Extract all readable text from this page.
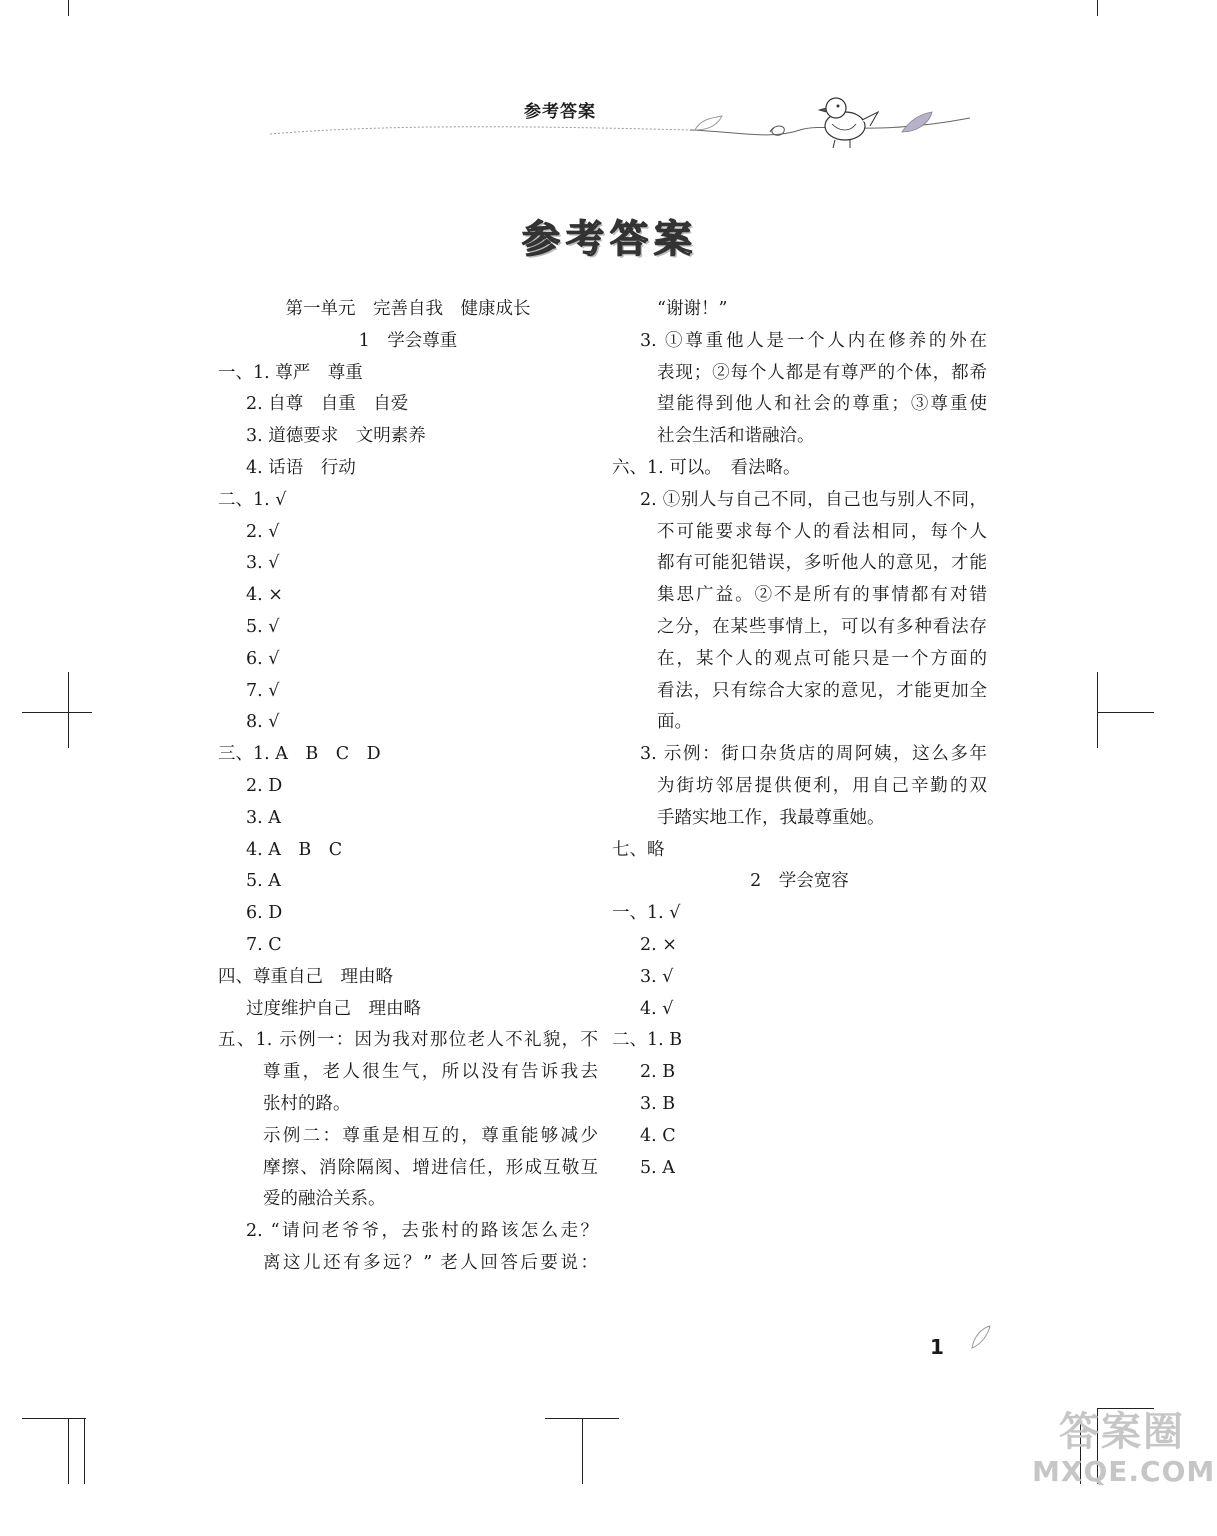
参考答案
参考答案
第一单元　完善自我　健康成长
1　学会尊重
一、1. 尊严　尊重
2. 自尊　自重　自爱
3. 道德要求　文明素养
4. 话语　行动
二、1. √
2. √
3. √
4. ×
5. √
6. √
7. √
8. √
三、1. A　B　C　D
2. D
3. A
4. A　B　C
5. A
6. D
7. C
四、尊重自己　理由略
过度维护自己　理由略
五、1. 示例一：因为我对那位老人不礼貌，不
尊重，老人很生气，所以没有告诉我去
张村的路。
示例二：尊重是相互的，尊重能够减少
摩擦、消除隔阂、增进信任，形成互敬互
爱的融洽关系。
2. “请问老爷爷，去张村的路该怎么走？
离这儿还有多远？” 老人回答后要说：
“谢谢！”
3. ①尊重他人是一个人内在修养的外在
表现；②每个人都是有尊严的个体，都希
望能得到他人和社会的尊重；③尊重使
社会生活和谐融洽。
六、1. 可以。　看法略。
2. ①别人与自己不同，自己也与别人不同，
不可能要求每个人的看法相同，每个人
都有可能犯错误，多听他人的意见，才能
集思广益。②不是所有的事情都有对错
之分，在某些事情上，可以有多种看法存
在，某个人的观点可能只是一个方面的
看法，只有综合大家的意见，才能更加全
面。
3. 示例：街口杂货店的周阿姨，这么多年
为街坊邻居提供便利，用自己辛勤的双
手踏实地工作，我最尊重她。
七、略
2　学会宽容
一、1. √
2. ×
3. √
4. √
二、1. B
2. B
3. B
4. C
5. A
1
答案圈
MXQE.COM
